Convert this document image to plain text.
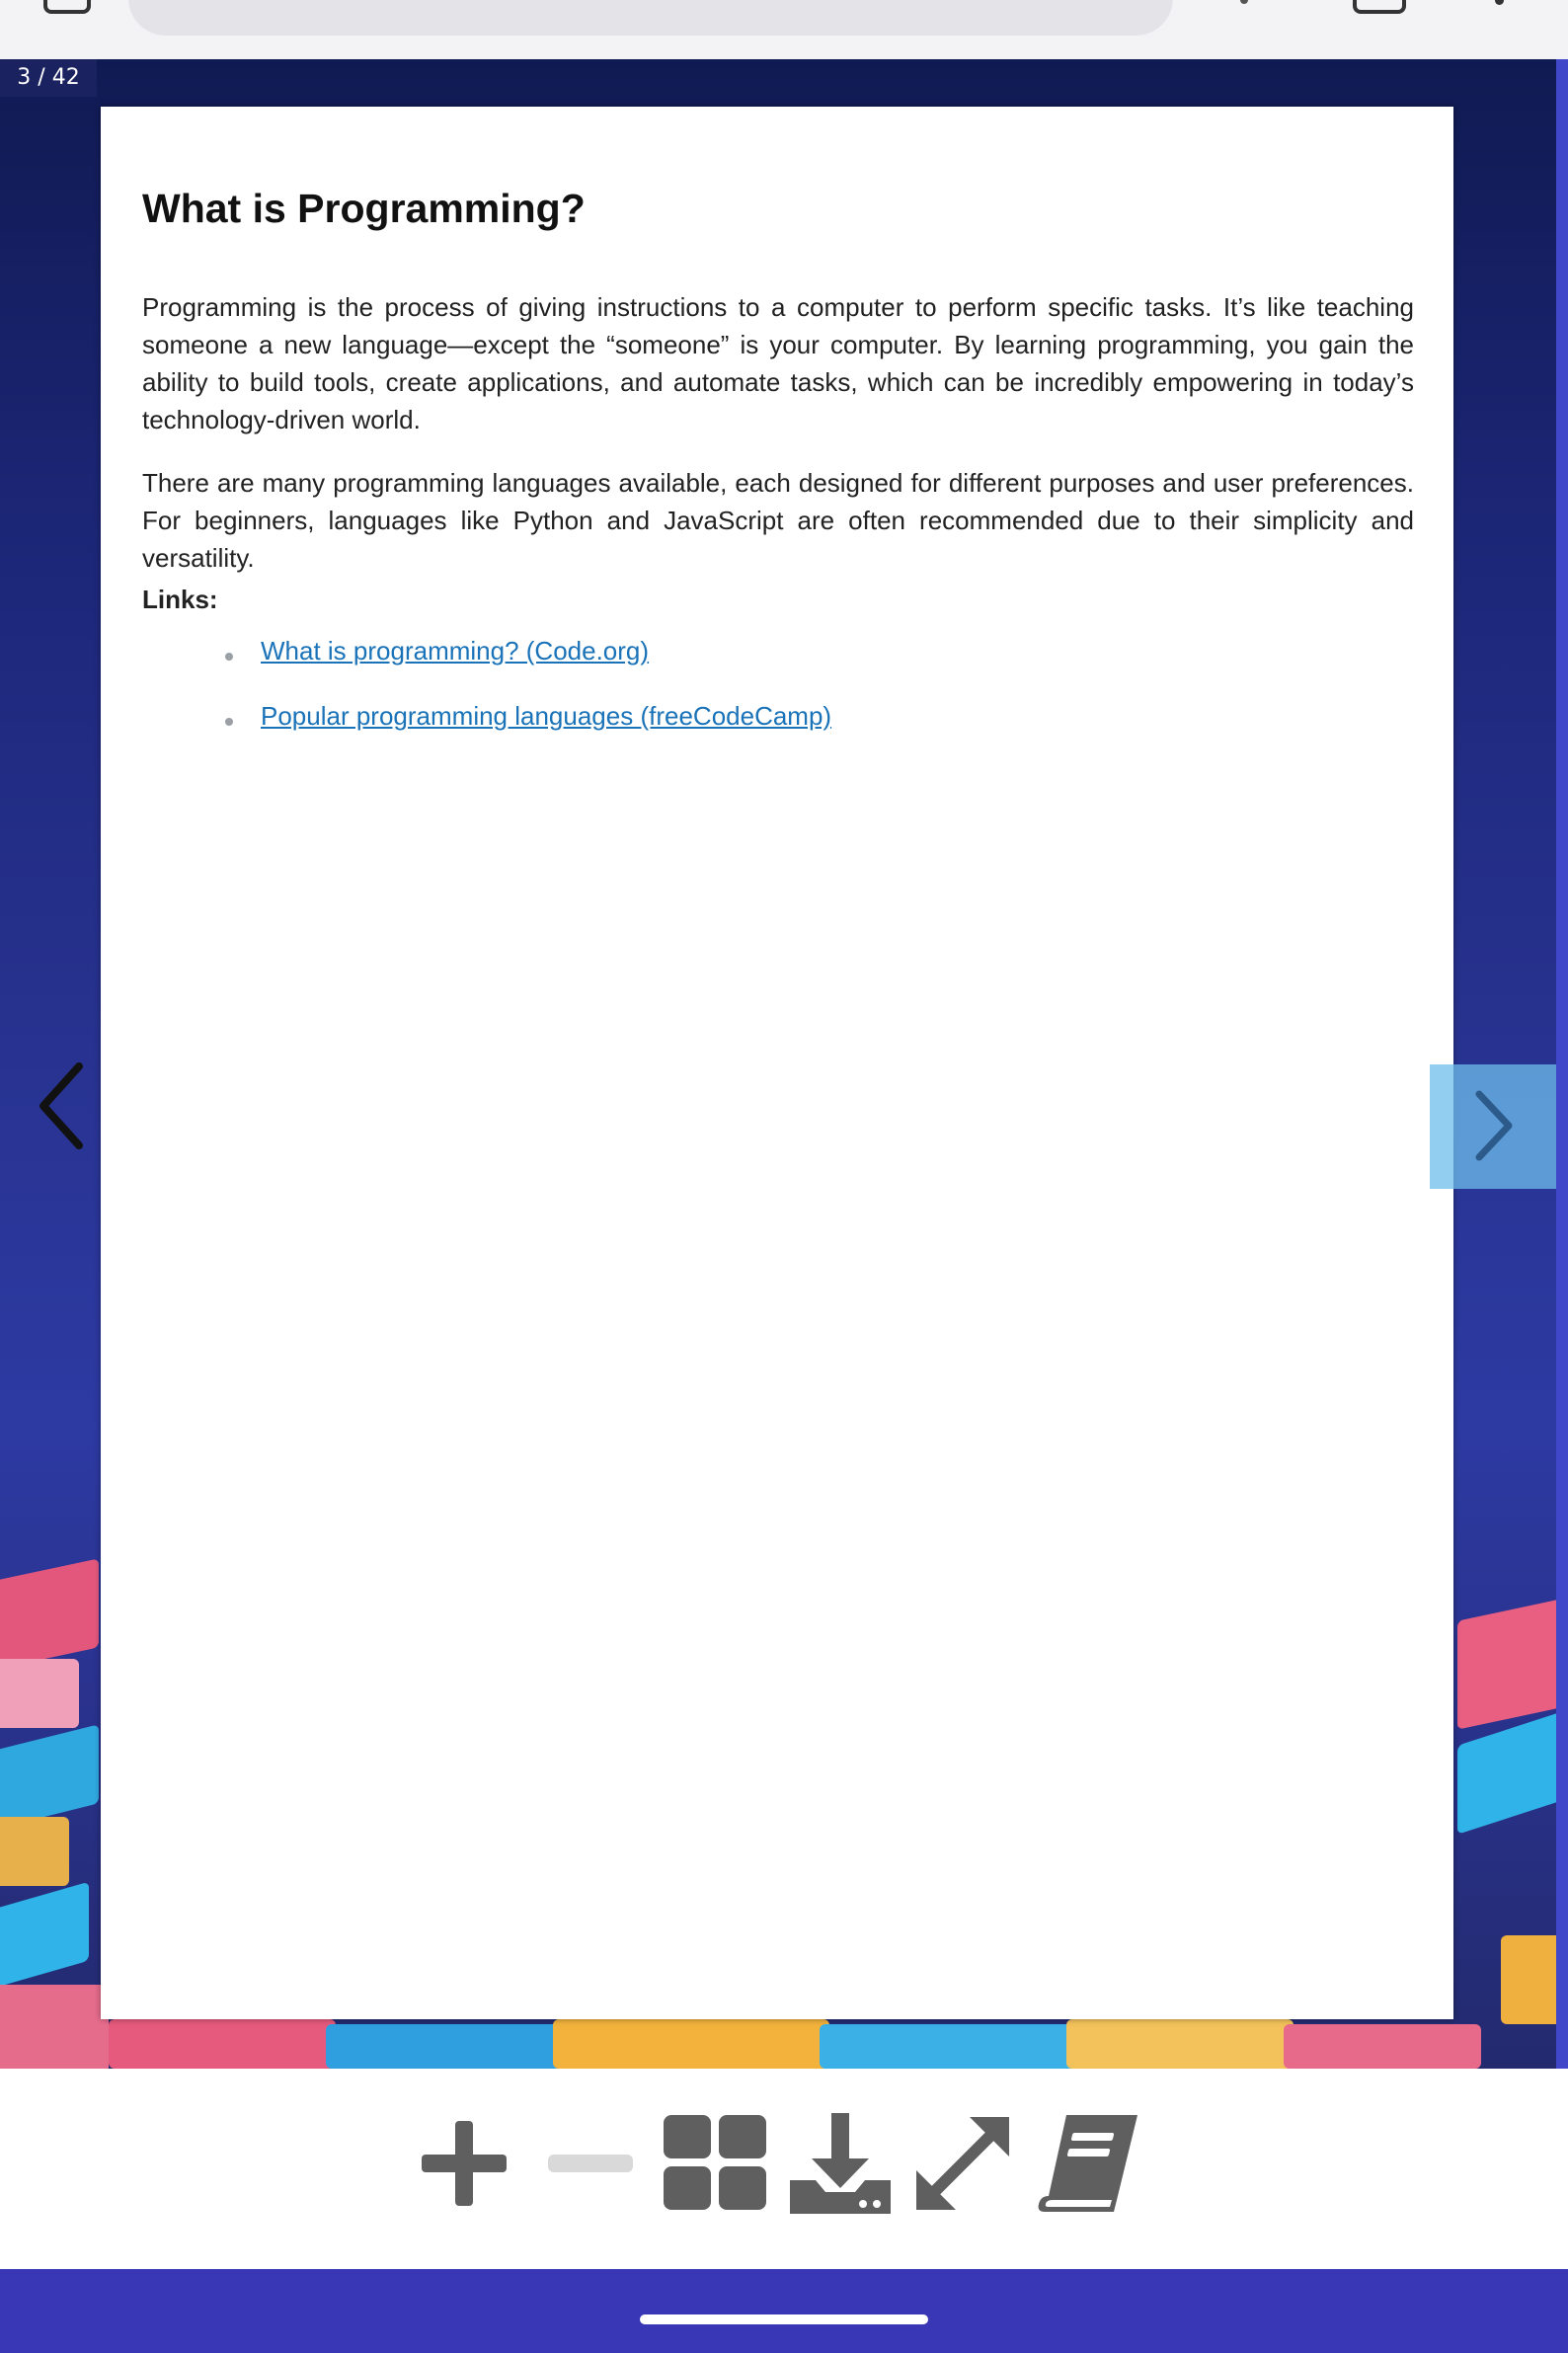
3 / 42
What is Programming?

Programming is the process of giving instructions to a computer to perform specific tasks. It’s like teaching someone a new language—except the “someone” is your computer. By learning programming, you gain the ability to build tools, create applications, and automate tasks, which can be incredibly empowering in today’s technology-driven world.

There are many programming languages available, each designed for different purposes and user preferences. For beginners, languages like Python and JavaScript are often recommended due to their simplicity and versatility.

Links:

What is programming? (Code.org)
Popular programming languages (freeCodeCamp)
